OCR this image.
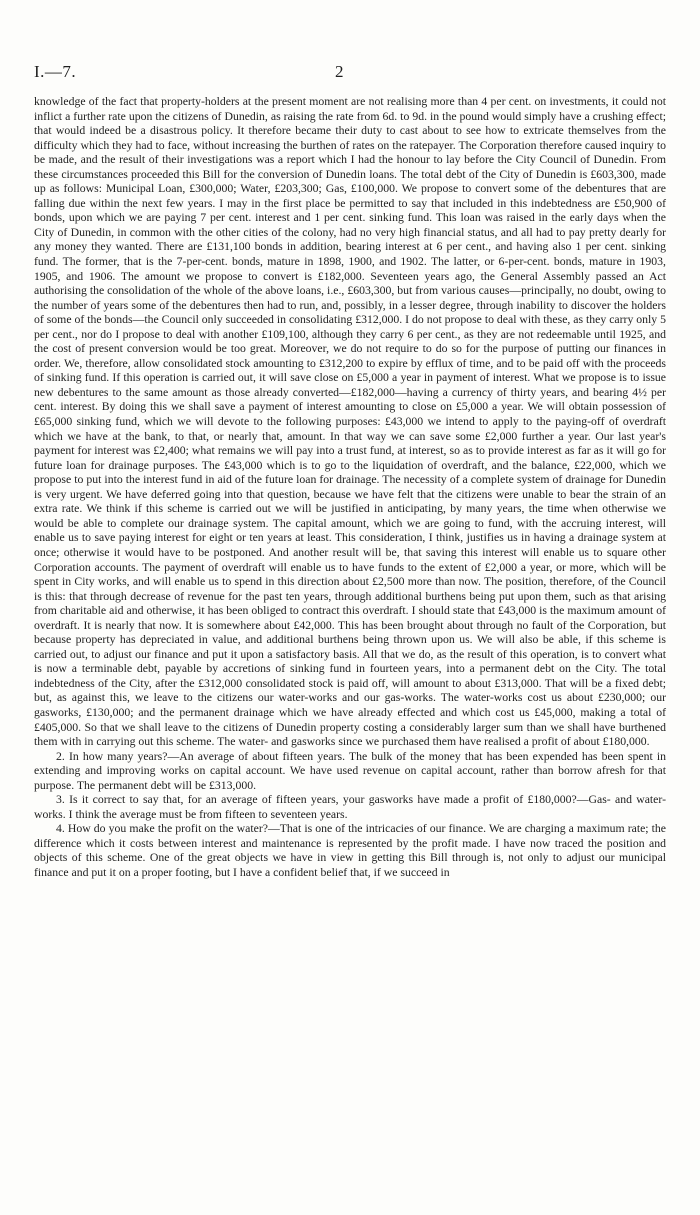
I.—7.	2

knowledge of the fact that property-holders at the present moment are not realising more than 4 per cent. on investments, it could not inflict a further rate upon the citizens of Dunedin, as raising the rate from 6d. to 9d. in the pound would simply have a crushing effect; that would indeed be a disastrous policy. It therefore became their duty to cast about to see how to extricate themselves from the difficulty which they had to face, without increasing the burthen of rates on the ratepayer. The Corporation therefore caused inquiry to be made, and the result of their investigations was a report which I had the honour to lay before the City Council of Dunedin. From these circumstances proceeded this Bill for the conversion of Dunedin loans. The total debt of the City of Dunedin is £603,300, made up as follows: Municipal Loan, £300,000; Water, £203,300; Gas, £100,000. We propose to convert some of the debentures that are falling due within the next few years. I may in the first place be permitted to say that included in this indebtedness are £50,900 of bonds, upon which we are paying 7 per cent. interest and 1 per cent. sinking fund. This loan was raised in the early days when the City of Dunedin, in common with the other cities of the colony, had no very high financial status, and all had to pay pretty dearly for any money they wanted. There are £131,100 bonds in addition, bearing interest at 6 per cent., and having also 1 per cent. sinking fund. The former, that is the 7-per-cent. bonds, mature in 1898, 1900, and 1902. The latter, or 6-per-cent. bonds, mature in 1903, 1905, and 1906. The amount we propose to convert is £182,000. Seventeen years ago, the General Assembly passed an Act authorising the consolidation of the whole of the above loans, i.e., £603,300, but from various causes—principally, no doubt, owing to the number of years some of the debentures then had to run, and, possibly, in a lesser degree, through inability to discover the holders of some of the bonds—the Council only succeeded in consolidating £312,000. I do not propose to deal with these, as they carry only 5 per cent., nor do I propose to deal with another £109,100, although they carry 6 per cent., as they are not redeemable until 1925, and the cost of present conversion would be too great. Moreover, we do not require to do so for the purpose of putting our finances in order. We, therefore, allow consolidated stock amounting to £312,200 to expire by efflux of time, and to be paid off with the proceeds of sinking fund. If this operation is carried out, it will save close on £5,000 a year in payment of interest. What we propose is to issue new debentures to the same amount as those already converted—£182,000—having a currency of thirty years, and bearing 4½ per cent. interest. By doing this we shall save a payment of interest amounting to close on £5,000 a year. We will obtain possession of £65,000 sinking fund, which we will devote to the following purposes: £43,000 we intend to apply to the paying-off of overdraft which we have at the bank, to that, or nearly that, amount. In that way we can save some £2,000 further a year. Our last year's payment for interest was £2,400; what remains we will pay into a trust fund, at interest, so as to provide interest as far as it will go for future loan for drainage purposes. The £43,000 which is to go to the liquidation of overdraft, and the balance, £22,000, which we propose to put into the interest fund in aid of the future loan for drainage. The necessity of a complete system of drainage for Dunedin is very urgent. We have deferred going into that question, because we have felt that the citizens were unable to bear the strain of an extra rate. We think if this scheme is carried out we will be justified in anticipating, by many years, the time when otherwise we would be able to complete our drainage system. The capital amount, which we are going to fund, with the accruing interest, will enable us to save paying interest for eight or ten years at least. This consideration, I think, justifies us in having a drainage system at once; otherwise it would have to be postponed. And another result will be, that saving this interest will enable us to square other Corporation accounts. The payment of overdraft will enable us to have funds to the extent of £2,000 a year, or more, which will be spent in City works, and will enable us to spend in this direction about £2,500 more than now. The position, therefore, of the Council is this: that through decrease of revenue for the past ten years, through additional burthens being put upon them, such as that arising from charitable aid and otherwise, it has been obliged to contract this overdraft. I should state that £43,000 is the maximum amount of overdraft. It is nearly that now. It is somewhere about £42,000. This has been brought about through no fault of the Corporation, but because property has depreciated in value, and additional burthens being thrown upon us. We will also be able, if this scheme is carried out, to adjust our finance and put it upon a satisfactory basis. All that we do, as the result of this operation, is to convert what is now a terminable debt, payable by accretions of sinking fund in fourteen years, into a permanent debt on the City. The total indebtedness of the City, after the £312,000 consolidated stock is paid off, will amount to about £313,000. That will be a fixed debt; but, as against this, we leave to the citizens our water-works and our gas-works. The water-works cost us about £230,000; our gasworks, £130,000; and the permanent drainage which we have already effected and which cost us £45,000, making a total of £405,000. So that we shall leave to the citizens of Dunedin property costing a considerably larger sum than we shall have burthened them with in carrying out this scheme. The water- and gasworks since we purchased them have realised a profit of about £180,000.

2. In how many years?—An average of about fifteen years. The bulk of the money that has been expended has been spent in extending and improving works on capital account. We have used revenue on capital account, rather than borrow afresh for that purpose. The permanent debt will be £313,000.

3. Is it correct to say that, for an average of fifteen years, your gasworks have made a profit of £180,000?—Gas- and water-works. I think the average must be from fifteen to seventeen years.

4. How do you make the profit on the water?—That is one of the intricacies of our finance. We are charging a maximum rate; the difference which it costs between interest and maintenance is represented by the profit made. I have now traced the position and objects of this scheme. One of the great objects we have in view in getting this Bill through is, not only to adjust our municipal finance and put it on a proper footing, but I have a confident belief that, if we succeed in
